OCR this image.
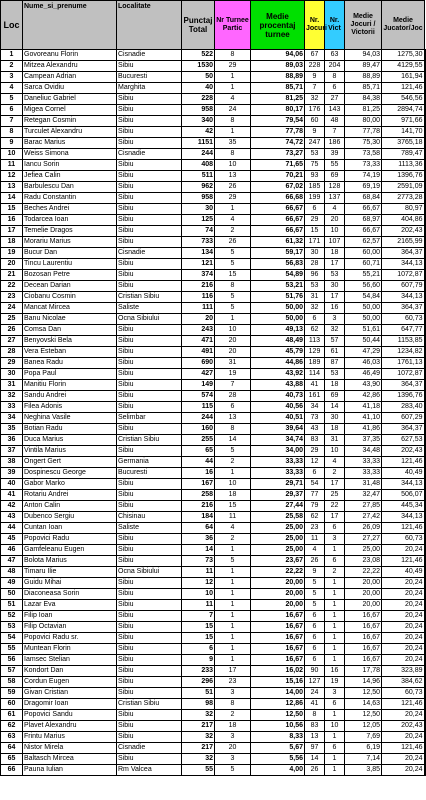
Loc	Nume_si_prenume	Localitate	Punctaj Total	Nr Turnee Partic	Medie procentaj turnee	Nr. Jocuri	Nr. Vict	Medie Jocuri / Victorii	Medie Jucator/Joc
1	Govoreanu Florin	Cisnadie	522	8	94,06	67	63	94,03	1275,30
2	Mitzea Alexandru	Sibiu	1530	29	89,03	228	204	89,47	4129,55
3	Campean Adrian	Bucuresti	50	1	88,89	9	8	88,89	161,94
4	Sarca Ovidiu	Marghita	40	1	85,71	7	6	85,71	121,46
5	Daneliuc Gabriel	Sibiu	228	4	81,25	32	27	84,38	546,56
6	Migea Cornel	Sibiu	958	24	80,17	176	143	81,25	2894,74
7	Retegan Cosmin	Sibiu	340	8	79,54	60	48	80,00	971,66
8	Turculet Alexandru	Sibiu	42	1	77,78	9	7	77,78	141,70
9	Barac Marius	Sibiu	1151	35	74,72	247	186	75,30	3765,18
10	Weiss Simona	Cisnadie	244	8	73,27	53	39	73,58	789,47
11	Iancu Sorin	Sibiu	408	10	71,65	75	55	73,33	1113,36
12	Jefiea Calin	Sibiu	511	13	70,21	93	69	74,19	1396,76
13	Barbulescu Dan	Sibiu	962	26	67,02	185	128	69,19	2591,09
14	Radu Constantin	Sibiu	958	29	66,68	199	137	68,84	2773,28
15	Beches Andrei	Sibiu	30	1	66,67	6	4	66,67	80,97
16	Todarcea Ioan	Sibiu	125	4	66,67	29	20	68,97	404,86
17	Temelie Dragos	Sibiu	74	2	66,67	15	10	66,67	202,43
18	Morariu Marius	Sibiu	733	26	61,32	171	107	62,57	2165,99
19	Bucur Dan	Cisnadie	134	5	59,17	30	18	60,00	364,37
20	Tincu Laurentiu	Sibiu	121	5	56,83	28	17	60,71	344,13
21	Bozosan Petre	Sibiu	374	15	54,89	96	53	55,21	1072,87
22	Decean Darian	Sibiu	216	8	53,21	53	30	56,60	607,79
23	Ciobanu Cosmin	Cristian Sibiu	116	5	51,76	31	17	54,84	344,13
24	Mancat Mircea	Saliste	111	5	50,00	32	16	50,00	364,37
25	Banu Nicolae	Ocna Sibiului	20	1	50,00	6	3	50,00	60,73
26	Comsa Dan	Sibiu	243	10	49,13	62	32	51,61	647,77
27	Benyovski Bela	Sibiu	471	20	48,49	113	57	50,44	1153,85
28	Vera Esteban	Sibiu	491	20	45,79	129	61	47,29	1234,82
29	Banea Radu	Sibiu	690	31	44,86	189	87	46,03	1761,13
30	Popa Paul	Sibiu	427	19	43,92	114	53	46,49	1072,87
31	Manitiu Florin	Sibiu	149	7	43,88	41	18	43,90	364,37
32	Sandu Andrei	Sibiu	574	28	40,73	161	69	42,86	1396,76
33	Filea Adonis	Sibiu	115	6	40,56	34	14	41,18	283,40
34	Neghina Vasile	Selimbar	244	13	40,51	73	30	41,10	607,29
35	Botian Radu	Sibiu	160	8	39,64	43	18	41,86	364,37
36	Duca Marius	Cristian Sibiu	255	14	34,74	83	31	37,35	627,53
37	Vintila Marius	Sibiu	65	5	34,00	29	10	34,48	202,43
38	Ongert Gert	Germania	44	2	33,33	12	4	33,33	121,46
39	Dospinescu George	Bucuresti	16	1	33,33	6	2	33,33	40,49
40	Gabor Marko	Sibiu	167	10	29,71	54	17	31,48	344,13
41	Rotariu Andrei	Sibiu	258	18	29,37	77	25	32,47	506,07
42	Anton Calin	Sibiu	216	15	27,44	79	22	27,85	445,34
43	Dubenco Sergiu	Chisinau	184	11	25,58	62	17	27,42	344,13
44	Cuntan Ioan	Saliste	64	4	25,00	23	6	26,09	121,46
45	Popovici Radu	Sibiu	36	2	25,00	11	3	27,27	60,73
46	Gamfeleanu Eugen	Sibiu	14	1	25,00	4	1	25,00	20,24
47	Bolota Marius	Sibiu	73	5	23,67	26	6	23,08	121,46
48	Timaru Ilie	Ocna Sibiului	11	1	22,22	9	2	22,22	40,49
49	Guidu Mihai	Sibiu	12	1	20,00	5	1	20,00	20,24
50	Diaconeasa Sorin	Sibiu	10	1	20,00	5	1	20,00	20,24
51	Lazar Eva	Sibiu	11	1	20,00	5	1	20,00	20,24
52	Filip Ioan	Sibiu	7	1	16,67	6	1	16,67	20,24
53	Filip Octavian	Sibiu	15	1	16,67	6	1	16,67	20,24
54	Popovici Radu sr.	Sibiu	15	1	16,67	6	1	16,67	20,24
55	Muntean Florin	Sibiu	6	1	16,67	6	1	16,67	20,24
56	Iamsec Stelian	Sibiu	9	1	16,67	6	1	16,67	20,24
57	Kondort Dan	Sibiu	233	17	16,02	90	16	17,78	323,89
58	Cordun Eugen	Sibiu	296	23	15,16	127	19	14,96	384,62
59	Givan Cristian	Sibiu	51	3	14,00	24	3	12,50	60,73
60	Dragomir Ioan	Cristian Sibiu	98	8	12,86	41	6	14,63	121,46
61	Popovici Sandu	Sibiu	32	2	12,50	8	1	12,50	20,24
62	Plavet Alexandru	Sibiu	217	18	10,56	83	10	12,05	202,43
63	Frintu Marius	Sibiu	32	3	8,33	13	1	7,69	20,24
64	Nistor Mirela	Cisnadie	217	20	5,67	97	6	6,19	121,46
65	Baltasch Mircea	Sibiu	32	3	5,56	14	1	7,14	20,24
66	Pauna Iulian	Rm Valcea	55	5	4,00	26	1	3,85	20,24
